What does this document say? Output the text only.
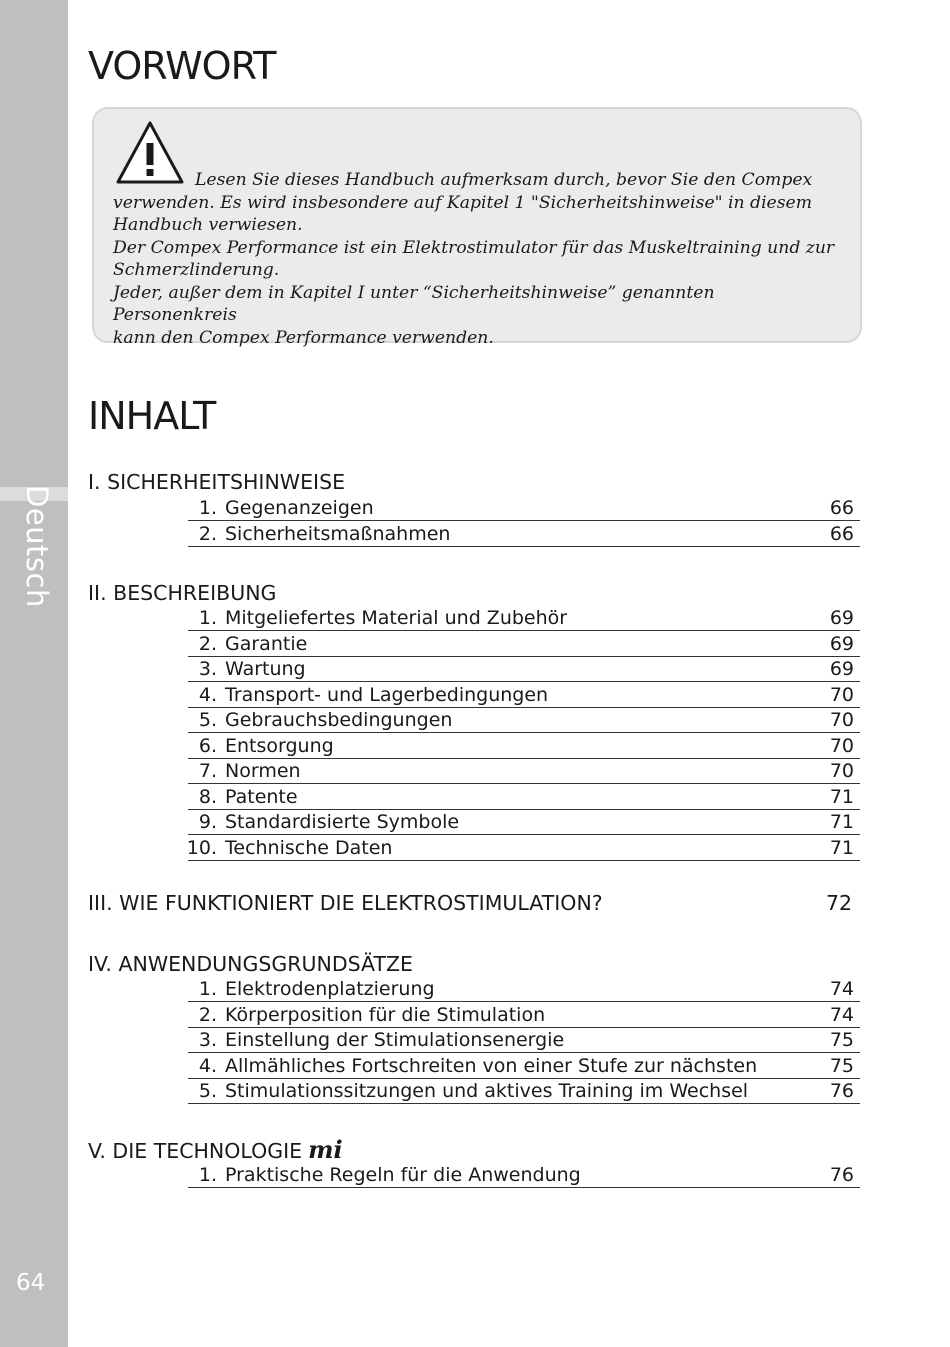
Deutsch
64
VORWORT

Lesen Sie dieses Handbuch aufmerksam durch, bevor Sie den Compex
verwenden. Es wird insbesondere auf Kapitel 1 "Sicherheitshinweise" in diesem
Handbuch verwiesen.
Der Compex Performance ist ein Elektrostimulator für das Muskeltraining und zur
Schmerzlinderung.
Jeder, außer dem in Kapitel I unter “Sicherheitshinweise” genannten Personenkreis
kann den Compex Performance verwenden.

INHALT
I. SICHERHEITSHINWEISE
1. Gegenanzeigen	66
2. Sicherheitsmaßnahmen	66
II. BESCHREIBUNG
1. Mitgeliefertes Material und Zubehör	69
2. Garantie	69
3. Wartung	69
4. Transport- und Lagerbedingungen	70
5. Gebrauchsbedingungen	70
6. Entsorgung	70
7. Normen	70
8. Patente	71
9. Standardisierte Symbole	71
10. Technische Daten	71
III. WIE FUNKTIONIERT DIE ELEKTROSTIMULATION?	72
IV. ANWENDUNGSGRUNDSÄTZE
1. Elektrodenplatzierung	74
2. Körperposition für die Stimulation	74
3. Einstellung der Stimulationsenergie	75
4. Allmähliches Fortschreiten von einer Stufe zur nächsten	75
5. Stimulationssitzungen und aktives Training im Wechsel	76
V. DIE TECHNOLOGIE mi
1. Praktische Regeln für die Anwendung	76
